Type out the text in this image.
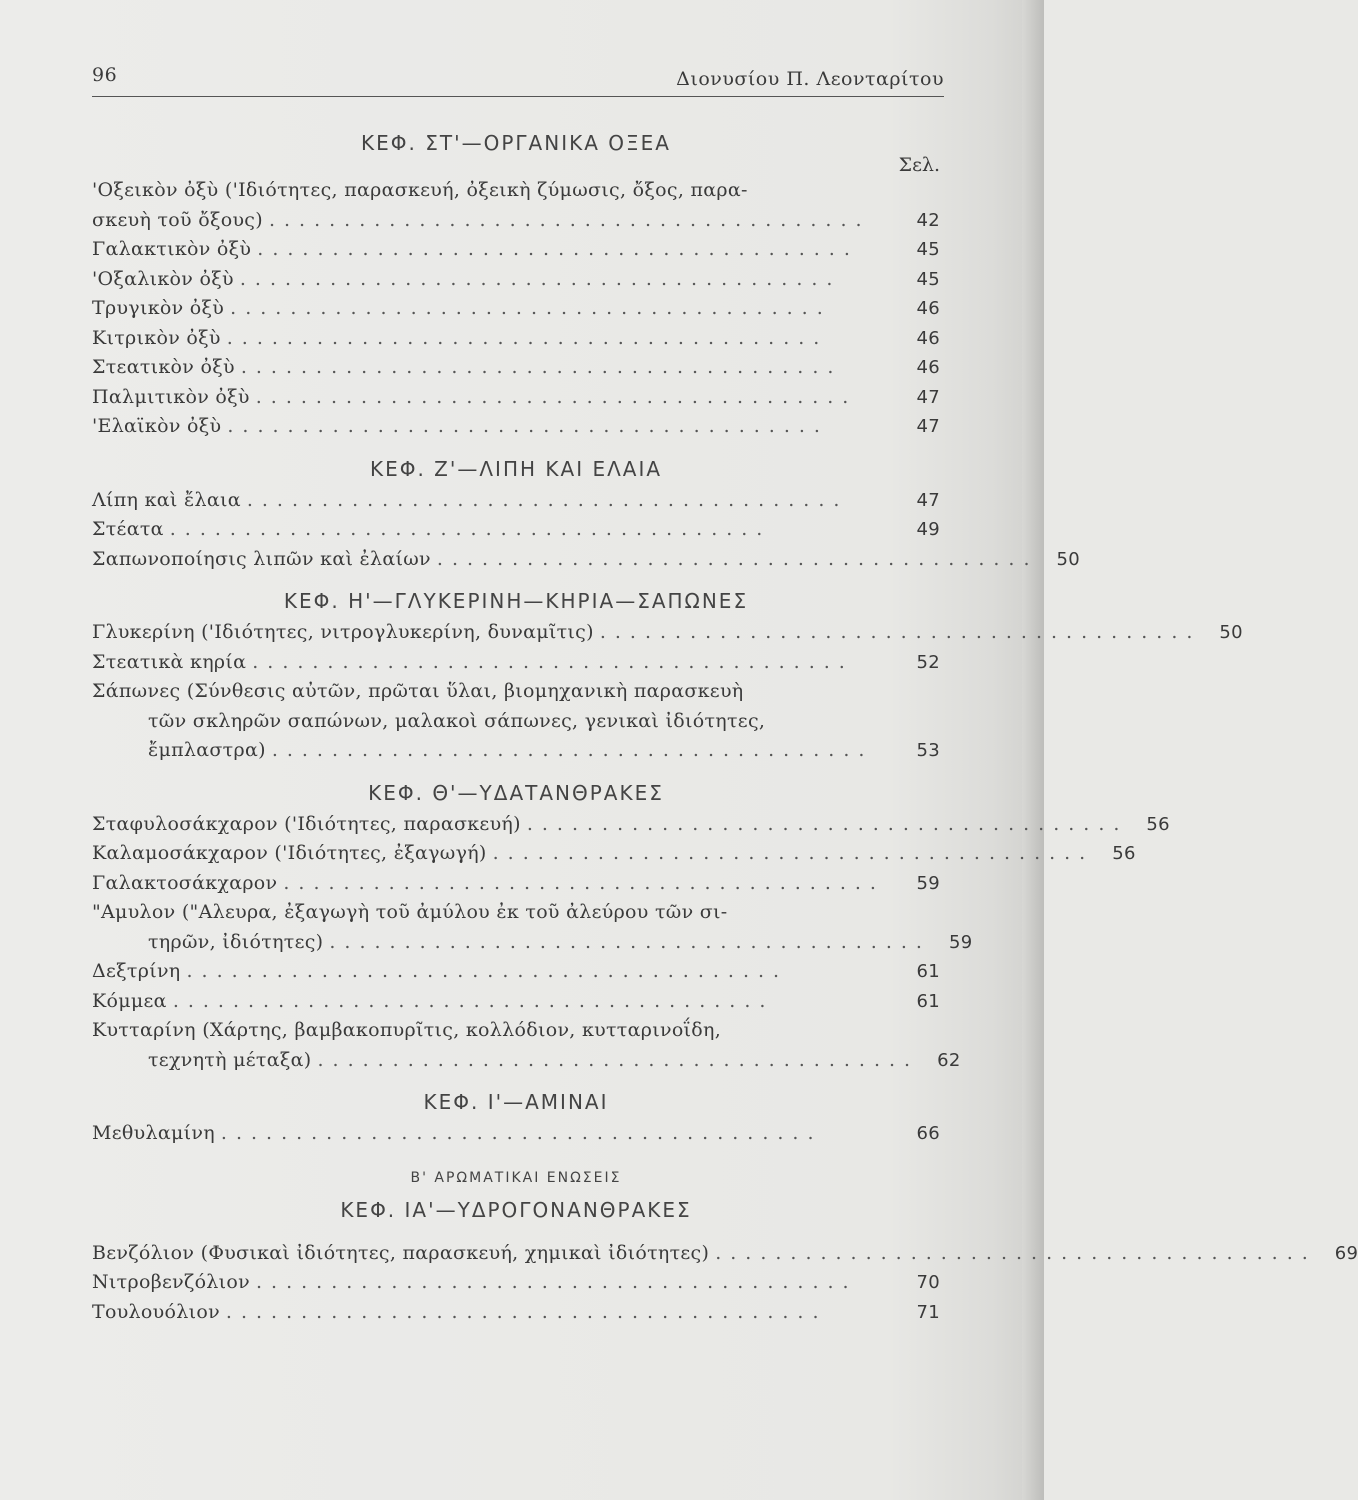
96	Διονυσίου Π. Λεονταρίτου
ΚΕΦ. ΣΤ'—ΟΡΓΑΝΙΚΑ ΟΞΕΑ
Σελ.
'Οξεικὸν ὀξὺ ('Ιδιότητες, παρασκευή, ὀξεικὴ ζύμωσις, ὄξος, παρα-
σκευὴ τοῦ ὄξους) ........................................	42
Γαλακτικὸν ὀξὺ ........................................	45
'Οξαλικὸν ὀξὺ ........................................	45
Τρυγικὸν ὀξὺ ........................................	46
Κιτρικὸν ὀξὺ ........................................	46
Στεατικὸν ὀξὺ ........................................	46
Παλμιτικὸν ὀξὺ ........................................	47
'Ελαϊκὸν ὀξὺ ........................................	47
ΚΕΦ. Ζ'—ΛΙΠΗ ΚΑΙ ΕΛΑΙΑ
Λίπη καὶ ἔλαια ........................................	47
Στέατα ........................................	49
Σαπωνοποίησις λιπῶν καὶ ἐλαίων ........................................ 50
ΚΕΦ. Η'—ΓΛΥΚΕΡΙΝΗ—ΚΗΡΙΑ—ΣΑΠΩΝΕΣ
Γλυκερίνη ('Ιδιότητες, νιτρογλυκερίνη, δυναμῖτις) ........................................ 50
Στεατικὰ κηρία ........................................	52
Σάπωνες (Σύνθεσις αὐτῶν, πρῶται ὕλαι, βιομηχανικὴ παρασκευὴ
τῶν σκληρῶν σαπώνων, μαλακοὶ σάπωνες, γενικαὶ ἰδιότητες,
ἔμπλαστρα) ........................................	53
ΚΕΦ. Θ'—ΥΔΑΤΑΝΘΡΑΚΕΣ
Σταφυλοσάκχαρον ('Ιδιότητες, παρασκευή) ........................................ 56
Καλαμοσάκχαρον ('Ιδιότητες, ἐξαγωγή) ........................................ 56
Γαλακτοσάκχαρον ........................................	59
"Αμυλον ("Αλευρα, ἐξαγωγὴ τοῦ ἀμύλου ἐκ τοῦ ἀλεύρου τῶν σι-
τηρῶν, ἰδιότητες) ........................................ 59
Δεξτρίνη ........................................	61
Κόμμεα ........................................	61
Κυτταρίνη (Χάρτης, βαμβακοπυρῖτις, κολλόδιον, κυτταρινοΐδη,
τεχνητὴ μέταξα) ........................................ 62
ΚΕΦ. Ι'—ΑΜΙΝΑΙ
Μεθυλαμίνη ........................................	66
Β' ΑΡΩΜΑΤΙΚΑΙ ΕΝΩΣΕΙΣ
ΚΕΦ. ΙΑ'—ΥΔΡΟΓΟΝΑΝΘΡΑΚΕΣ
Βενζόλιον (Φυσικαὶ ἰδιότητες, παρασκευή, χημικαὶ ἰδιότητες) ........................................ 69
Νιτροβενζόλιον ........................................	70
Τουλουόλιον ........................................	71
